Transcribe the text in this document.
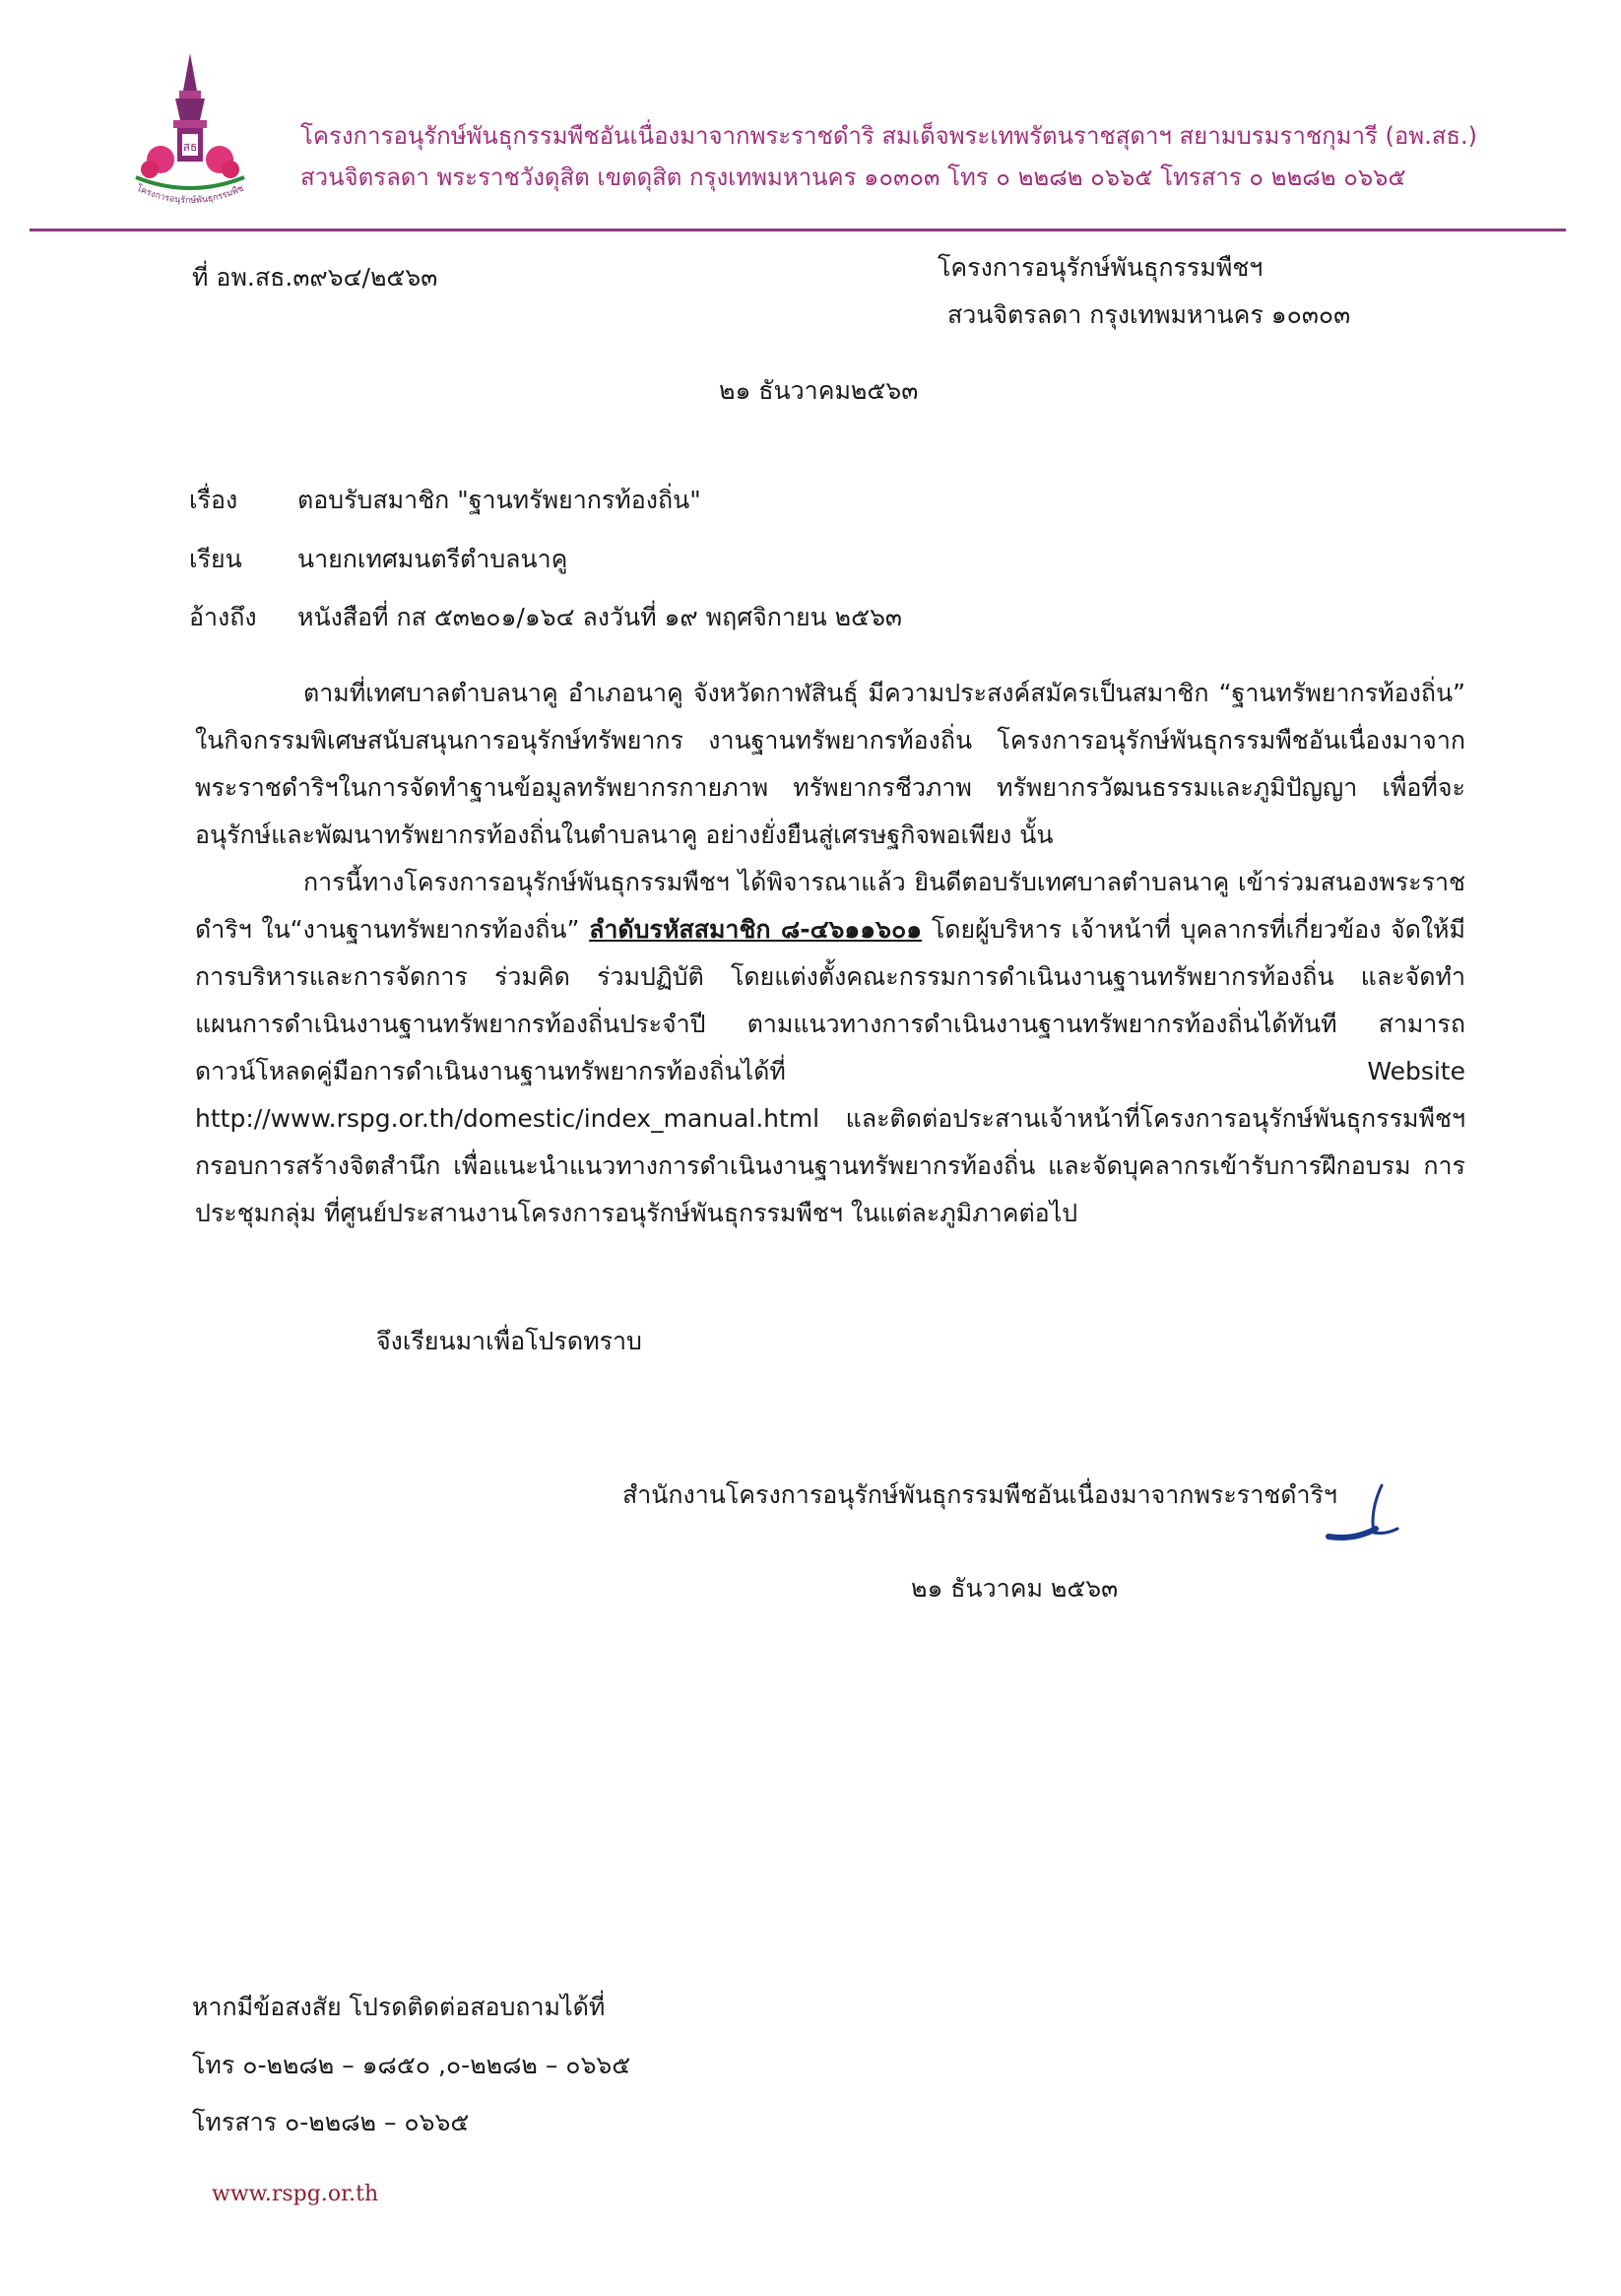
สธ
โครงการอนุรักษ์พันธุกรรมพืช
โครงการอนุรักษ์พันธุกรรมพืชอันเนื่องมาจากพระราชดำริ สมเด็จพระเทพรัตนราชสุดาฯ สยามบรมราชกุมารี (อพ.สธ.)
สวนจิตรลดา พระราชวังดุสิต เขตดุสิต กรุงเทพมหานคร ๑๐๓๐๓ โทร ๐ ๒๒๘๒ ๐๖๖๕ โทรสาร ๐ ๒๒๘๒ ๐๖๖๕
ที่ อพ.สธ.๓๙๖๔/๒๕๖๓	โครงการอนุรักษ์พันธุกรรมพืชฯ
สวนจิตรลดา กรุงเทพมหานคร ๑๐๓๐๓
๒๑ ธันวาคม๒๕๖๓
เรื่อง ตอบรับสมาชิก "ฐานทรัพยากรท้องถิ่น"
เรียน นายกเทศมนตรีตำบลนาคู
อ้างถึง หนังสือที่ กส ๕๓๒๐๑/๑๖๔ ลงวันที่ ๑๙ พฤศจิกายน ๒๕๖๓
ตามที่เทศบาลตำบลนาคู อำเภอนาคู จังหวัดกาฬสินธุ์ มีความประสงค์สมัครเป็นสมาชิก “ฐานทรัพยากรท้องถิ่น” ในกิจกรรมพิเศษสนับสนุนการอนุรักษ์ทรัพยากร งานฐานทรัพยากรท้องถิ่น โครงการอนุรักษ์พันธุกรรมพืชอันเนื่องมาจากพระราชดำริฯในการจัดทำฐานข้อมูลทรัพยากรกายภาพ ทรัพยากรชีวภาพ ทรัพยากรวัฒนธรรมและภูมิปัญญา เพื่อที่จะอนุรักษ์และพัฒนาทรัพยากรท้องถิ่นในตำบลนาคู อย่างยั่งยืนสู่เศรษฐกิจพอเพียง นั้น
การนี้ทางโครงการอนุรักษ์พันธุกรรมพืชฯ ได้พิจารณาแล้ว ยินดีตอบรับเทศบาลตำบลนาคู เข้าร่วมสนองพระราชดำริฯ ใน“งานฐานทรัพยากรท้องถิ่น” ลำดับรหัสสมาชิก ๘-๔๖๑๑๖๐๑ โดยผู้บริหาร เจ้าหน้าที่ บุคลากรที่เกี่ยวข้อง จัดให้มีการบริหารและการจัดการ ร่วมคิด ร่วมปฏิบัติ โดยแต่งตั้งคณะกรรมการดำเนินงานฐานทรัพยากรท้องถิ่น และจัดทำแผนการดำเนินงานฐานทรัพยากรท้องถิ่นประจำปี ตามแนวทางการดำเนินงานฐานทรัพยากรท้องถิ่นได้ทันที สามารถดาวน์โหลดคู่มือการดำเนินงานฐานทรัพยากรท้องถิ่นได้ที่ Website http://www.rspg.or.th/domestic/index_manual.html และติดต่อประสานเจ้าหน้าที่โครงการอนุรักษ์พันธุกรรมพืชฯ กรอบการสร้างจิตสำนึก เพื่อแนะนำแนวทางการดำเนินงานฐานทรัพยากรท้องถิ่น และจัดบุคลากรเข้ารับการฝึกอบรม การประชุมกลุ่ม ที่ศูนย์ประสานงานโครงการอนุรักษ์พันธุกรรมพืชฯ ในแต่ละภูมิภาคต่อไป
จึงเรียนมาเพื่อโปรดทราบ
สำนักงานโครงการอนุรักษ์พันธุกรรมพืชอันเนื่องมาจากพระราชดำริฯ
๒๑ ธันวาคม ๒๕๖๓
หากมีข้อสงสัย โปรดติดต่อสอบถามได้ที่
โทร ๐-๒๒๘๒ – ๑๘๕๐ ,๐-๒๒๘๒ – ๐๖๖๕
โทรสาร ๐-๒๒๘๒ – ๐๖๖๕
www.rspg.or.th
